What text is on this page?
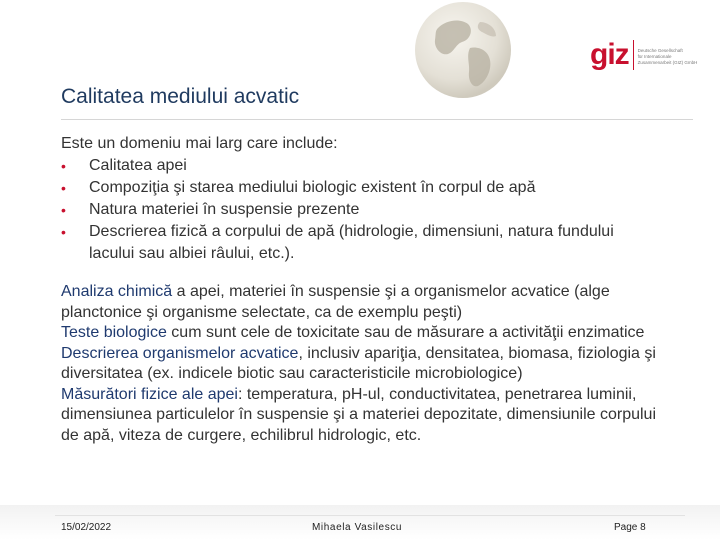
giz	Deutsche Gesellschaft
für Internationale
Zusammenarbeit (GIZ) GmbH
Calitatea mediului acvatic

Este un domeniu mai larg care include:

• Calitatea apei
• Compoziţia şi starea mediului biologic existent în corpul de apă
• Natura materiei în suspensie prezente
• Descrierea fizică a corpului de apă (hidrologie, dimensiuni, natura fundului lacului sau albiei râului, etc.).

Analiza chimică a apei, materiei în suspensie şi a organismelor acvatice (alge planctonice şi organisme selectate, ca de exemplu peşti)

Teste biologice cum sunt cele de toxicitate sau de măsurare a activităţii enzimatice

Descrierea organismelor acvatice, inclusiv apariţia, densitatea, biomasa, fiziologia şi diversitatea (ex. indicele biotic sau caracteristicile microbiologice)

Măsurători fizice ale apei: temperatura, pH-ul, conductivitatea, penetrarea luminii, dimensiunea particulelor în suspensie şi a materiei depozitate, dimensiunile corpului de apă, viteza de curgere, echilibrul hidrologic, etc.

15/02/2022	Mihaela Vasilescu	Page 8
